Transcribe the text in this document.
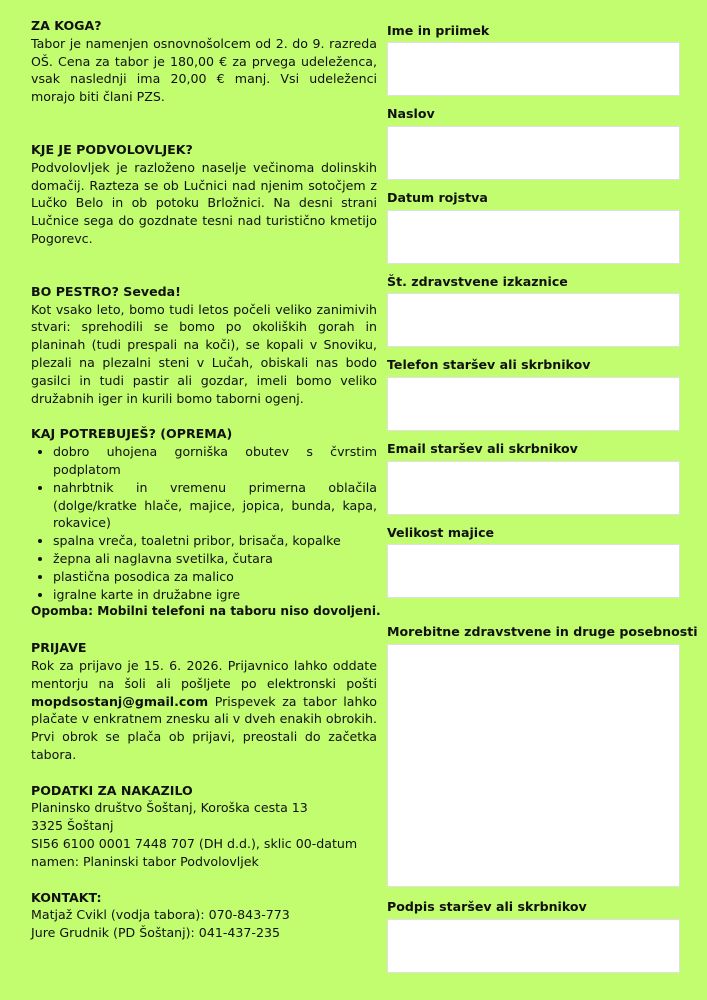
ZA KOGA?

Tabor je namenjen osnovnošolcem od 2. do 9. razreda OŠ. Cena za tabor je 180,00 € za prvega udeleženca, vsak naslednji ima 20,00 € manj. Vsi udeleženci morajo biti člani PZS.

KJE JE PODVOLOVLJEK?

Podvolovljek je razloženo naselje večinoma dolinskih domačij. Razteza se ob Lučnici nad njenim sotočjem z Lučko Belo in ob potoku Brložnici. Na desni strani Lučnice sega do gozdnate tesni nad turistično kmetijo Pogorevc.

BO PESTRO? Seveda!

Kot vsako leto, bomo tudi letos počeli veliko zanimivih stvari: sprehodili se bomo po okoliških gorah in planinah (tudi prespali na koči), se kopali v Snoviku, plezali na plezalni steni v Lučah, obiskali nas bodo gasilci in tudi pastir ali gozdar, imeli bomo veliko družabnih iger in kurili bomo taborni ogenj.

KAJ POTREBUJEŠ? (OPREMA)

• dobro uhojena gorniška obutev s čvrstim podplatom
• nahrbtnik in vremenu primerna oblačila (dolge/kratke hlače, majice, jopica, bunda, kapa, rokavice)
• spalna vreča, toaletni pribor, brisača, kopalke
• žepna ali naglavna svetilka, čutara
• plastična posodica za malico
• igralne karte in družabne igre

Opomba: Mobilni telefoni na taboru niso dovoljeni.

PRIJAVE

Rok za prijavo je 15. 6. 2026. Prijavnico lahko oddate mentorju na šoli ali pošljete po elektronski pošti mopdsostanj@gmail.com Prispevek za tabor lahko plačate v enkratnem znesku ali v dveh enakih obrokih. Prvi obrok se plača ob prijavi, preostali do začetka tabora.

PODATKI ZA NAKAZILO

Planinsko društvo Šoštanj, Koroška cesta 13

3325 Šoštanj

SI56 6100 0001 7448 707 (DH d.d.), sklic 00-datum

namen: Planinski tabor Podvolovljek

KONTAKT:

Matjaž Cvikl (vodja tabora): 070-843-773

Jure Grudnik (PD Šoštanj): 041-437-235

Ime in priimek
Naslov
Datum rojstva
Št. zdravstvene izkaznice
Telefon staršev ali skrbnikov
Email staršev ali skrbnikov
Velikost majice
Morebitne zdravstvene in druge posebnosti
Podpis staršev ali skrbnikov
